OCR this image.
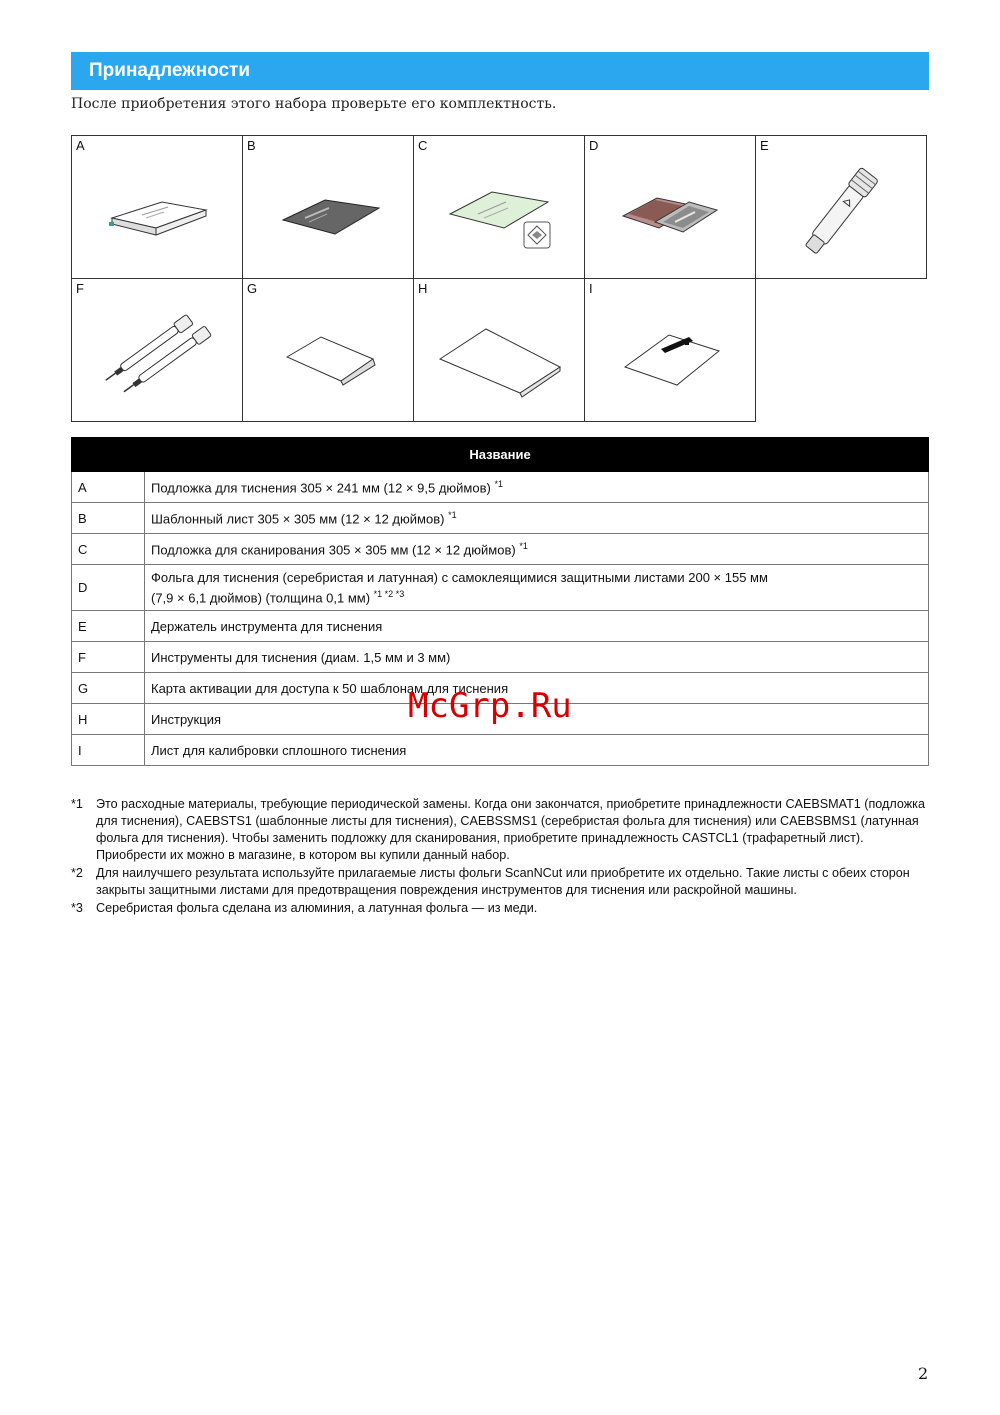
Принадлежности
После приобретения этого набора проверьте его комплектность.
A	B	C	D	E
F	G	H	I
Название	
A	Подложка для тиснения 305 × 241 мм (12 × 9,5 дюймов) $^{*1}$
B	Шаблонный лист 305 × 305 мм (12 × 12 дюймов) $^{*1}$
C	Подложка для сканирования 305 × 305 мм (12 × 12 дюймов) $^{*1}$
D	Фольга для тиснения (серебристая и латунная) с самоклеящимися защитными листами 200 × 155 мм
(7,9 × 6,1 дюймов) (толщина 0,1 мм) $^{*1 *2 *3}$
E	Держатель инструмента для тиснения
F	Инструменты для тиснения (диам. 1,5 мм и 3 мм)
G	Карта активации для доступа к 50 шаблонам для тиснения
H	Инструкция
I	Лист для калибровки сплошного тиснения
McGrp.Ru
*1	Это расходные материалы, требующие периодической замены. Когда они закончатся, приобретите принадлежности CAEBSMAT1 (подложка для тиснения), CAEBSTS1 (шаблонные листы для тиснения), CAEBSSMS1 (серебристая фольга для тиснения) или CAEBSBMS1 (латунная фольга для тиснения). Чтобы заменить подложку для сканирования, приобретите принадлежность CASTCL1 (трафаретный лист). Приобрести их можно в магазине, в котором вы купили данный набор.
*2	Для наилучшего результата используйте прилагаемые листы фольги ScanNCut или приобретите их отдельно. Такие листы с обеих сторон закрыты защитными листами для предотвращения повреждения инструментов для тиснения или раскройной машины.
*3	Серебристая фольга сделана из алюминия, а латунная фольга — из меди.
2
